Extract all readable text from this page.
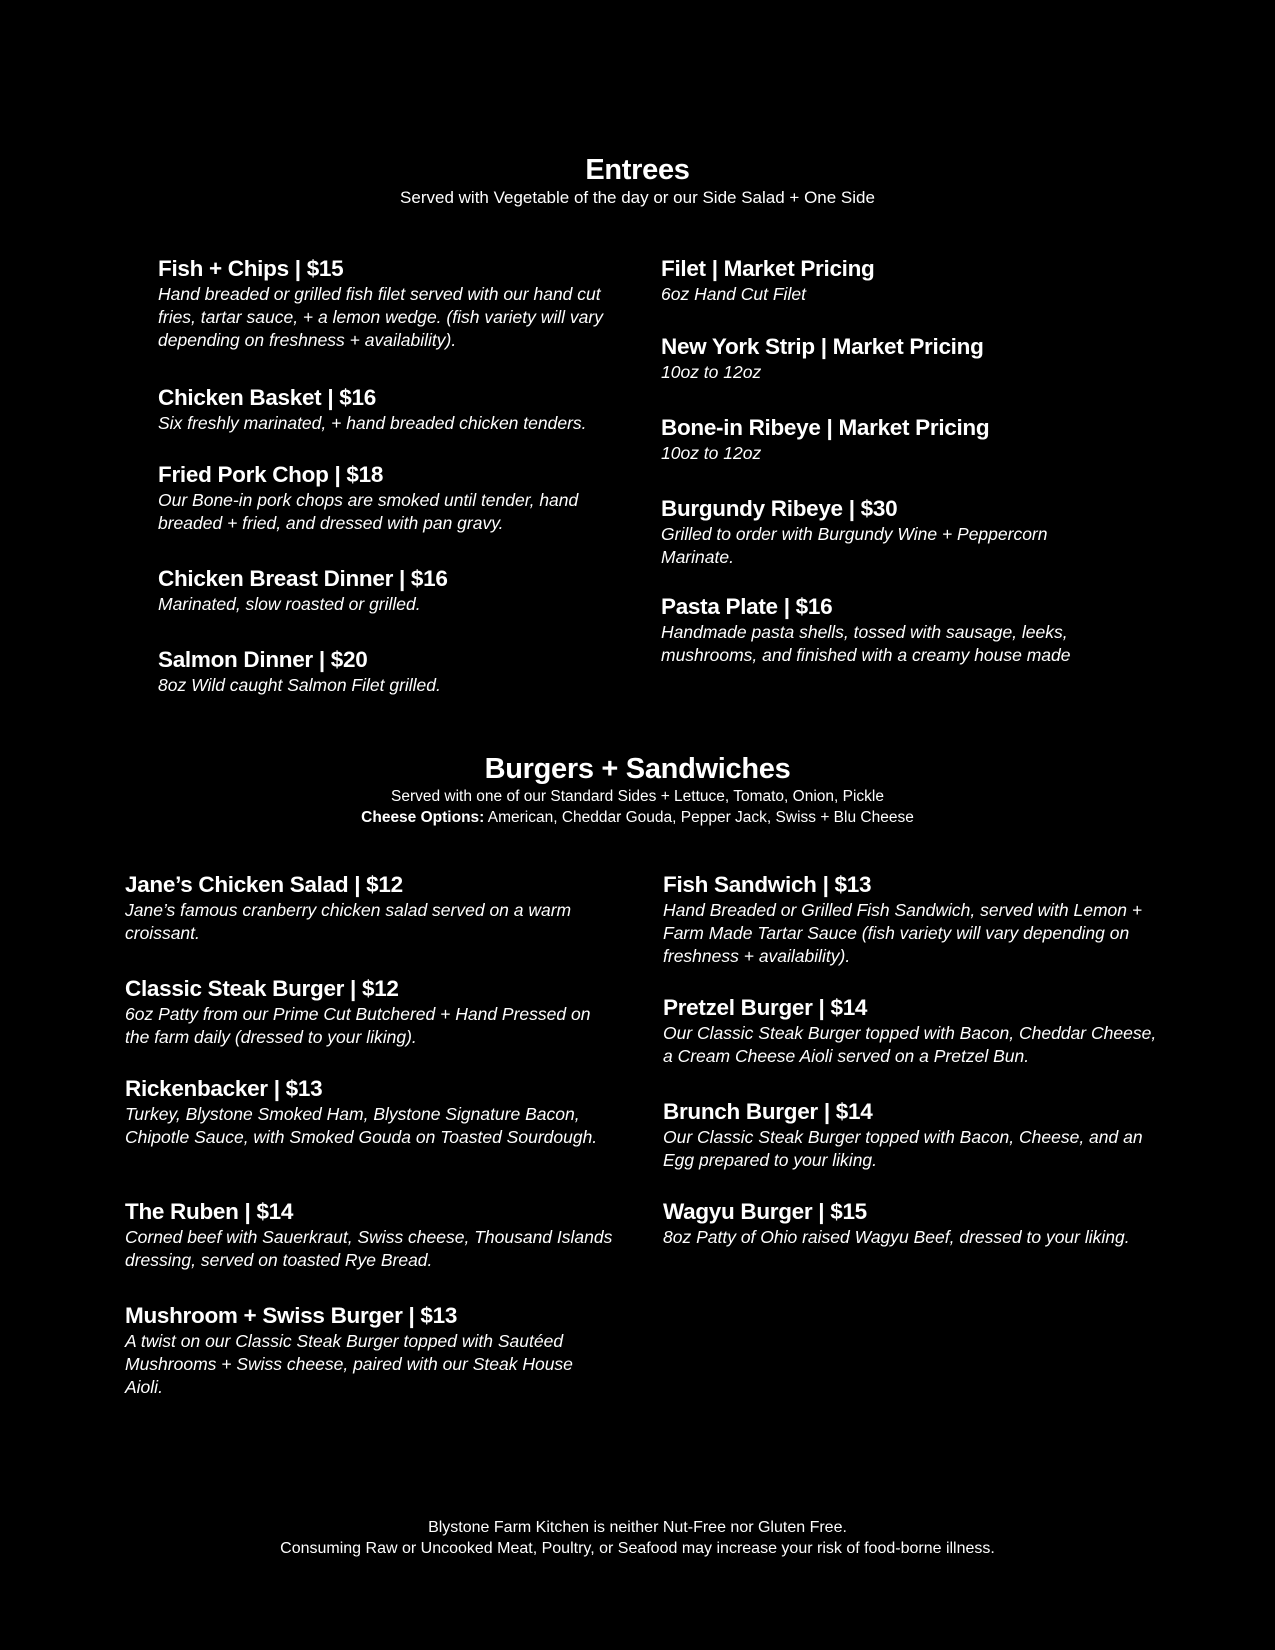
Entrees
Served with Vegetable of the day or our Side Salad + One Side
Fish + Chips | $15
Hand breaded or grilled fish filet served with our hand cut fries, tartar sauce, + a lemon wedge. (fish variety will vary depending on freshness + availability).
Chicken Basket | $16
Six freshly marinated, + hand breaded chicken tenders.
Fried Pork Chop | $18
Our Bone-in pork chops are smoked until tender, hand breaded + fried, and dressed with pan gravy.
Chicken Breast Dinner | $16
Marinated, slow roasted or grilled.
Salmon Dinner | $20
8oz Wild caught Salmon Filet grilled.
Filet | Market Pricing
6oz Hand Cut Filet
New York Strip | Market Pricing
10oz to 12oz
Bone-in Ribeye | Market Pricing
10oz to 12oz
Burgundy Ribeye | $30
Grilled to order with Burgundy Wine + Peppercorn Marinate.
Pasta Plate | $16
Handmade pasta shells, tossed with sausage, leeks, mushrooms, and finished with a creamy house made
Burgers + Sandwiches
Served with one of our Standard Sides + Lettuce, Tomato, Onion, Pickle
Cheese Options: American, Cheddar Gouda, Pepper Jack, Swiss + Blu Cheese
Jane’s Chicken Salad | $12
Jane’s famous cranberry chicken salad served on a warm croissant.
Classic Steak Burger | $12
6oz Patty from our Prime Cut Butchered + Hand Pressed on the farm daily (dressed to your liking).
Rickenbacker | $13
Turkey, Blystone Smoked Ham, Blystone Signature Bacon, Chipotle Sauce, with Smoked Gouda on Toasted Sourdough.
The Ruben | $14
Corned beef with Sauerkraut, Swiss cheese, Thousand Islands dressing, served on toasted Rye Bread.
Mushroom + Swiss Burger | $13
A twist on our Classic Steak Burger topped with Sautéed Mushrooms + Swiss cheese, paired with our Steak House Aioli.
Fish Sandwich | $13
Hand Breaded or Grilled Fish Sandwich, served with Lemon + Farm Made Tartar Sauce (fish variety will vary depending on freshness + availability).
Pretzel Burger | $14
Our Classic Steak Burger topped with Bacon, Cheddar Cheese, a Cream Cheese Aioli served on a Pretzel Bun.
Brunch Burger | $14
Our Classic Steak Burger topped with Bacon, Cheese, and an Egg prepared to your liking.
Wagyu Burger | $15
8oz Patty of Ohio raised Wagyu Beef, dressed to your liking.
Blystone Farm Kitchen is neither Nut-Free nor Gluten Free.
Consuming Raw or Uncooked Meat, Poultry, or Seafood may increase your risk of food-borne illness.
